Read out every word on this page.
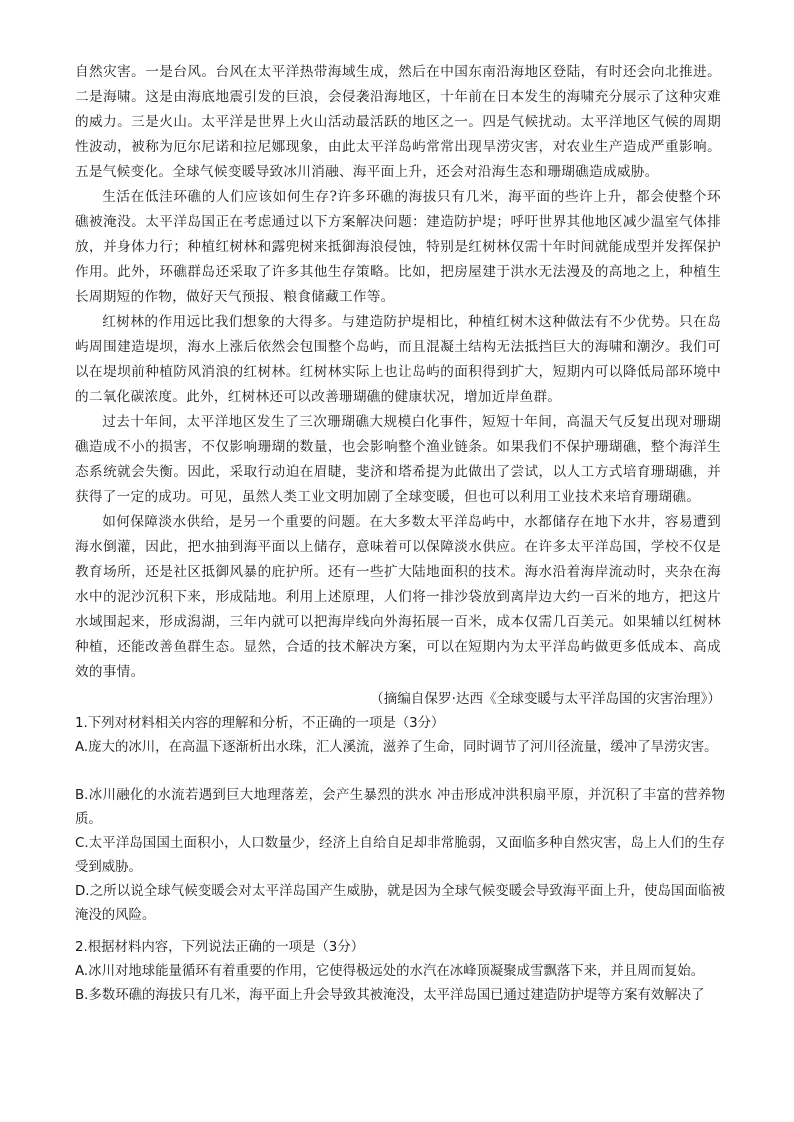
自然灾害。一是台风。台风在太平洋热带海域生成，然后在中国东南沿海地区登陆，有时还会向北推进。二是海啸。这是由海底地震引发的巨浪，会侵袭沿海地区，十年前在日本发生的海啸充分展示了这种灾难的威力。三是火山。太平洋是世界上火山活动最活跃的地区之一。四是气候扰动。太平洋地区气候的周期性波动，被称为厄尔尼诺和拉尼娜现象，由此太平洋岛屿常常出现旱涝灾害，对农业生产造成严重影响。五是气候变化。全球气候变暖导致冰川消融、海平面上升，还会对沿海生态和珊瑚礁造成威胁。

生活在低洼环礁的人们应该如何生存?许多环礁的海拔只有几米，海平面的些许上升，都会使整个环礁被淹没。太平洋岛国正在考虑通过以下方案解决问题：建造防护堤；呼吁世界其他地区减少温室气体排放，并身体力行；种植红树林和露兜树来抵御海浪侵蚀，特别是红树林仅需十年时间就能成型并发挥保护作用。此外，环礁群岛还采取了许多其他生存策略。比如，把房屋建于洪水无法漫及的高地之上，种植生长周期短的作物，做好天气预报、粮食储藏工作等。

红树林的作用远比我们想象的大得多。与建造防护堤相比，种植红树木这种做法有不少优势。只在岛屿周围建造堤坝，海水上涨后依然会包围整个岛屿，而且混凝土结构无法抵挡巨大的海啸和潮汐。我们可以在堤坝前种植防风消浪的红树林。红树林实际上也让岛屿的面积得到扩大，短期内可以降低局部环境中的二氧化碳浓度。此外，红树林还可以改善珊瑚礁的健康状况，增加近岸鱼群。

过去十年间，太平洋地区发生了三次珊瑚礁大规模白化事件，短短十年间，高温天气反复出现对珊瑚礁造成不小的损害，不仅影响珊瑚的数量，也会影响整个渔业链条。如果我们不保护珊瑚礁，整个海洋生态系统就会失衡。因此，采取行动迫在眉睫，斐济和塔希提为此做出了尝试，以人工方式培育珊瑚礁，并获得了一定的成功。可见，虽然人类工业文明加剧了全球变暖，但也可以利用工业技术来培育珊瑚礁。

如何保障淡水供给，是另一个重要的问题。在大多数太平洋岛屿中，水都储存在地下水井，容易遭到海水倒灌，因此，把水抽到海平面以上储存，意味着可以保障淡水供应。在许多太平洋岛国，学校不仅是教育场所，还是社区抵御风暴的庇护所。还有一些扩大陆地面积的技术。海水沿着海岸流动时，夹杂在海水中的泥沙沉积下来，形成陆地。利用上述原理，人们将一排沙袋放到离岸边大约一百米的地方，把这片水域围起来，形成潟湖，三年内就可以把海岸线向外海拓展一百米，成本仅需几百美元。如果辅以红树林种植，还能改善鱼群生态。显然，合适的技术解决方案，可以在短期内为太平洋岛屿做更多低成本、高成效的事情。

（摘编自保罗·达西《全球变暖与太平洋岛国的灾害治理》）

1.下列对材料相关内容的理解和分析，不正确的一项是（3分）

A.庞大的冰川，在高温下逐渐析出水珠，汇人溪流，滋养了生命，同时调节了河川径流量，缓冲了旱涝灾害。

B.冰川融化的水流若遇到巨大地理落差，会产生暴烈的洪水 冲击形成冲洪积扇平原，并沉积了丰富的营养物质。

C.太平洋岛国国土面积小，人口数量少，经济上自给自足却非常脆弱，又面临多种自然灾害，岛上人们的生存受到威胁。

D.之所以说全球气候变暖会对太平洋岛国产生威胁，就是因为全球气候变暖会导致海平面上升，使岛国面临被淹没的风险。

2.根据材料内容，下列说法正确的一项是（3分）

A.冰川对地球能量循环有着重要的作用，它使得极远处的水汽在冰峰顶凝聚成雪飘落下来，并且周而复始。

B.多数环礁的海拔只有几米，海平面上升会导致其被淹没，太平洋岛国已通过建造防护堤等方案有效解决了
